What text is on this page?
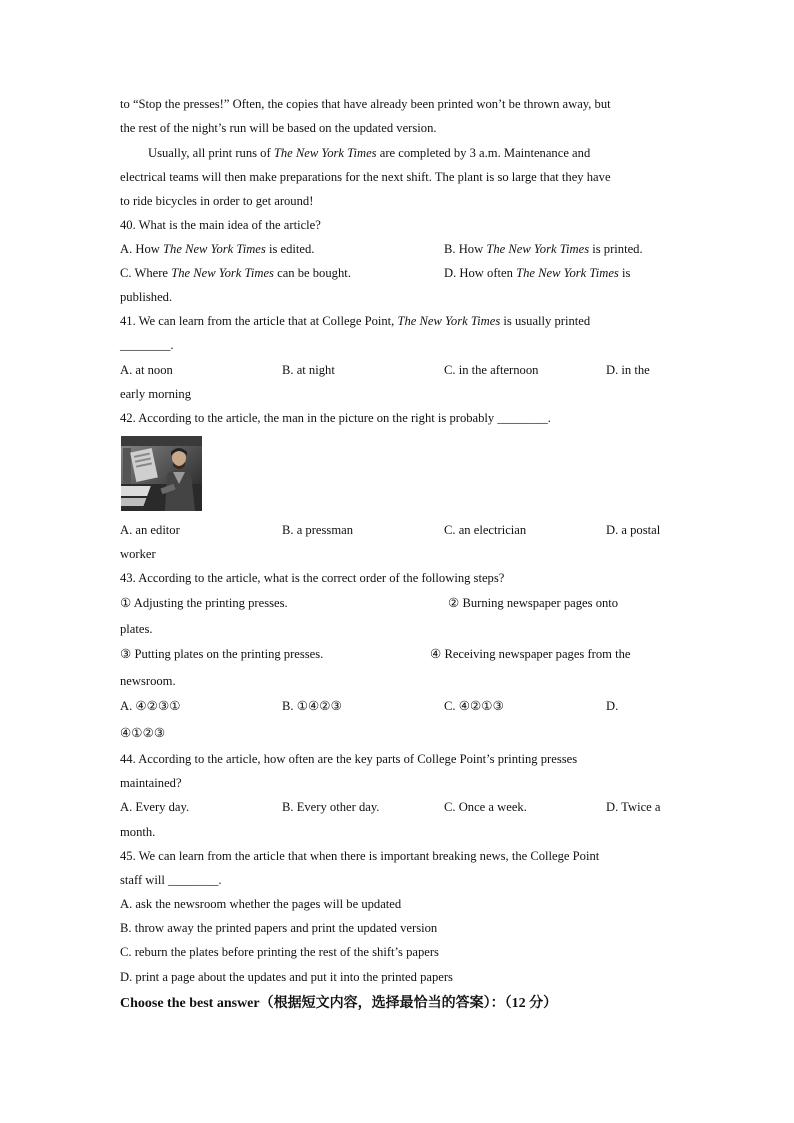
to “Stop the presses!” Often, the copies that have already been printed won’t be thrown away, but
the rest of the night’s run will be based on the updated version.
Usually, all print runs of The New York Times are completed by 3 a.m. Maintenance and
electrical teams will then make preparations for the next shift. The plant is so large that they have
to ride bicycles in order to get around!
40. What is the main idea of the article?
A. How The New York Times is edited.	B. How The New York Times is printed.
C. Where The New York Times can be bought.	D. How often The New York Times is
published.
41. We can learn from the article that at College Point, The New York Times is usually printed
________.
A. at noon	B. at night	C. in the afternoon	D. in the
early morning
42. According to the article, the man in the picture on the right is probably ________.
A. an editor	B. a pressman	C. an electrician	D. a postal
worker
43. According to the article, what is the correct order of the following steps?
① Adjusting the printing presses.	② Burning newspaper pages onto
plates.
③ Putting plates on the printing presses.	④ Receiving newspaper pages from the
newsroom.
A. ④②③①	B. ①④②③	C. ④②①③	D.
④①②③
44. According to the article, how often are the key parts of College Point’s printing presses
maintained?
A. Every day.	B. Every other day.	C. Once a week.	D. Twice a
month.
45. We can learn from the article that when there is important breaking news, the College Point
staff will ________.
A. ask the newsroom whether the pages will be updated
B. throw away the printed papers and print the updated version
C. reburn the plates before printing the rest of the shift’s papers
D. print a page about the updates and put it into the printed papers
Choose the best answer（根据短文内容，选择最恰当的答案）：（12 分）
